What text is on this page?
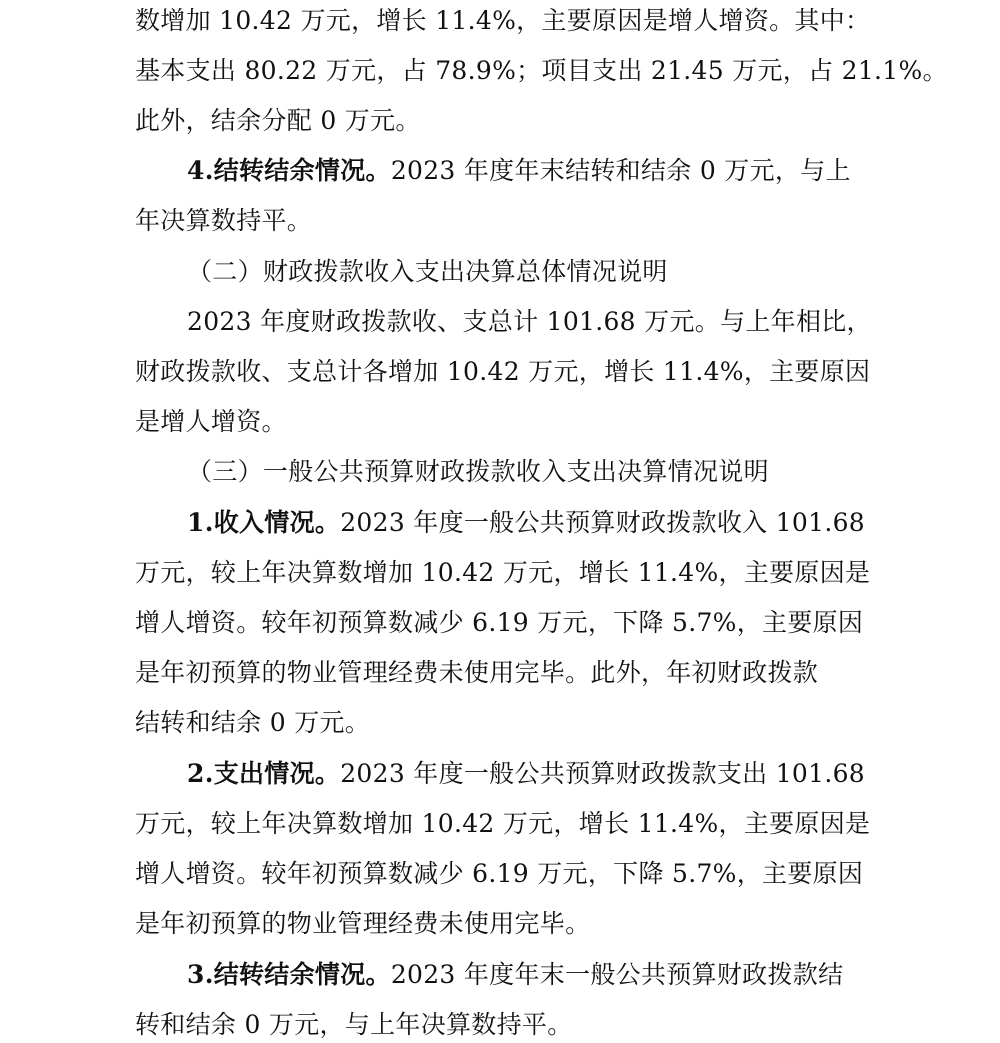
数增加 10.42 万元，增长 11.4%，主要原因是增人增资。其中：
基本支出 80.22 万元，占 78.9%；项目支出 21.45 万元，占 21.1%。
此外，结余分配 0 万元。
4.结转结余情况。2023 年度年末结转和结余 0 万元，与上
年决算数持平。
（二）财政拨款收入支出决算总体情况说明
2023 年度财政拨款收、支总计 101.68 万元。与上年相比，
财政拨款收、支总计各增加 10.42 万元，增长 11.4%，主要原因
是增人增资。
（三）一般公共预算财政拨款收入支出决算情况说明
1.收入情况。2023 年度一般公共预算财政拨款收入 101.68
万元，较上年决算数增加 10.42 万元，增长 11.4%，主要原因是
增人增资。较年初预算数减少 6.19 万元，下降 5.7%，主要原因
是年初预算的物业管理经费未使用完毕。此外，年初财政拨款
结转和结余 0 万元。
2.支出情况。2023 年度一般公共预算财政拨款支出 101.68
万元，较上年决算数增加 10.42 万元，增长 11.4%，主要原因是
增人增资。较年初预算数减少 6.19 万元，下降 5.7%，主要原因
是年初预算的物业管理经费未使用完毕。
3.结转结余情况。2023 年度年末一般公共预算财政拨款结
转和结余 0 万元，与上年决算数持平。
